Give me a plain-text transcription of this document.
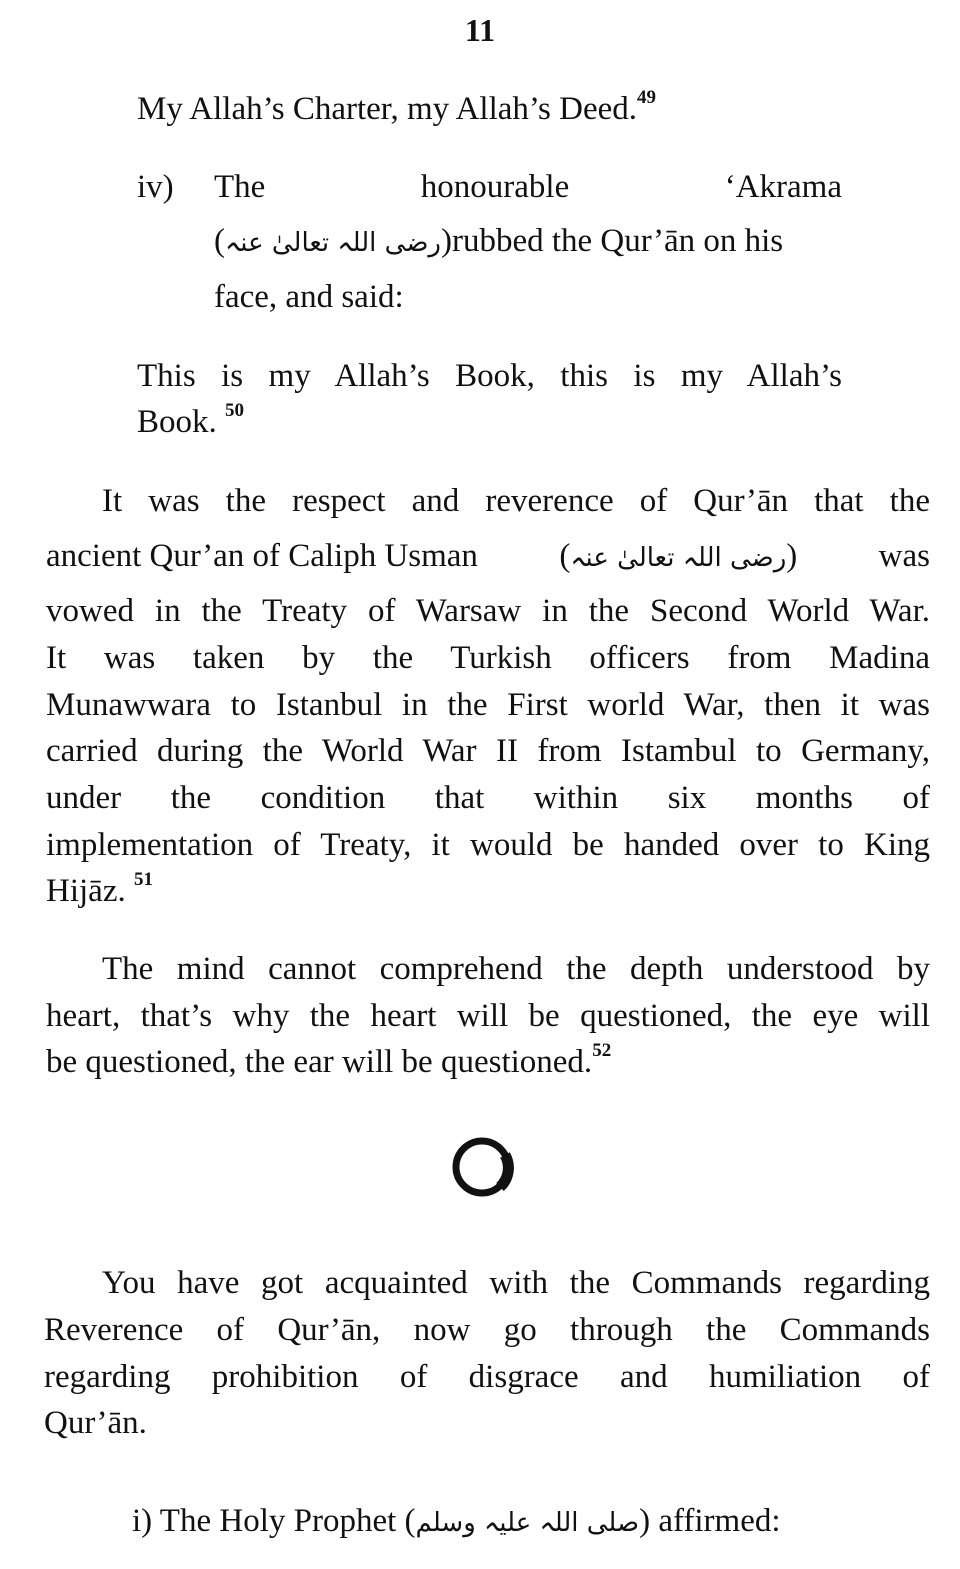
11

My Allah’s Charter, my Allah’s Deed.$^{49}$

iv) The	honourable	‘Akrama
(رضی اللہ تعالیٰ عنہ)rubbed the Qur’ān on his

face, and said:

This is my Allah’s Book, this is my Allah’s

Book. $^{50}$

It was the respect and reverence of Qur’ān that the

ancient Qur’an of Caliph Usman (رضی اللہ تعالیٰ عنہ) was

vowed in the Treaty of Warsaw in the Second World War.

It was taken by the Turkish officers from Madina

Munawwara to Istanbul in the First world War, then it was

carried during the World War II from Istambul to Germany,

under the condition that within six months of

implementation of Treaty, it would be handed over to King

Hijāz. $^{51}$

The mind cannot comprehend the depth understood by

heart, that’s why the heart will be questioned, the eye will

be questioned, the ear will be questioned.$^{52}$

You have got acquainted with the Commands regarding

Reverence of Qur’ān, now go through the Commands

regarding prohibition of disgrace and humiliation of

Qur’ān.

i) The Holy Prophet (صلی اللہ علیہ وسلم) affirmed:
